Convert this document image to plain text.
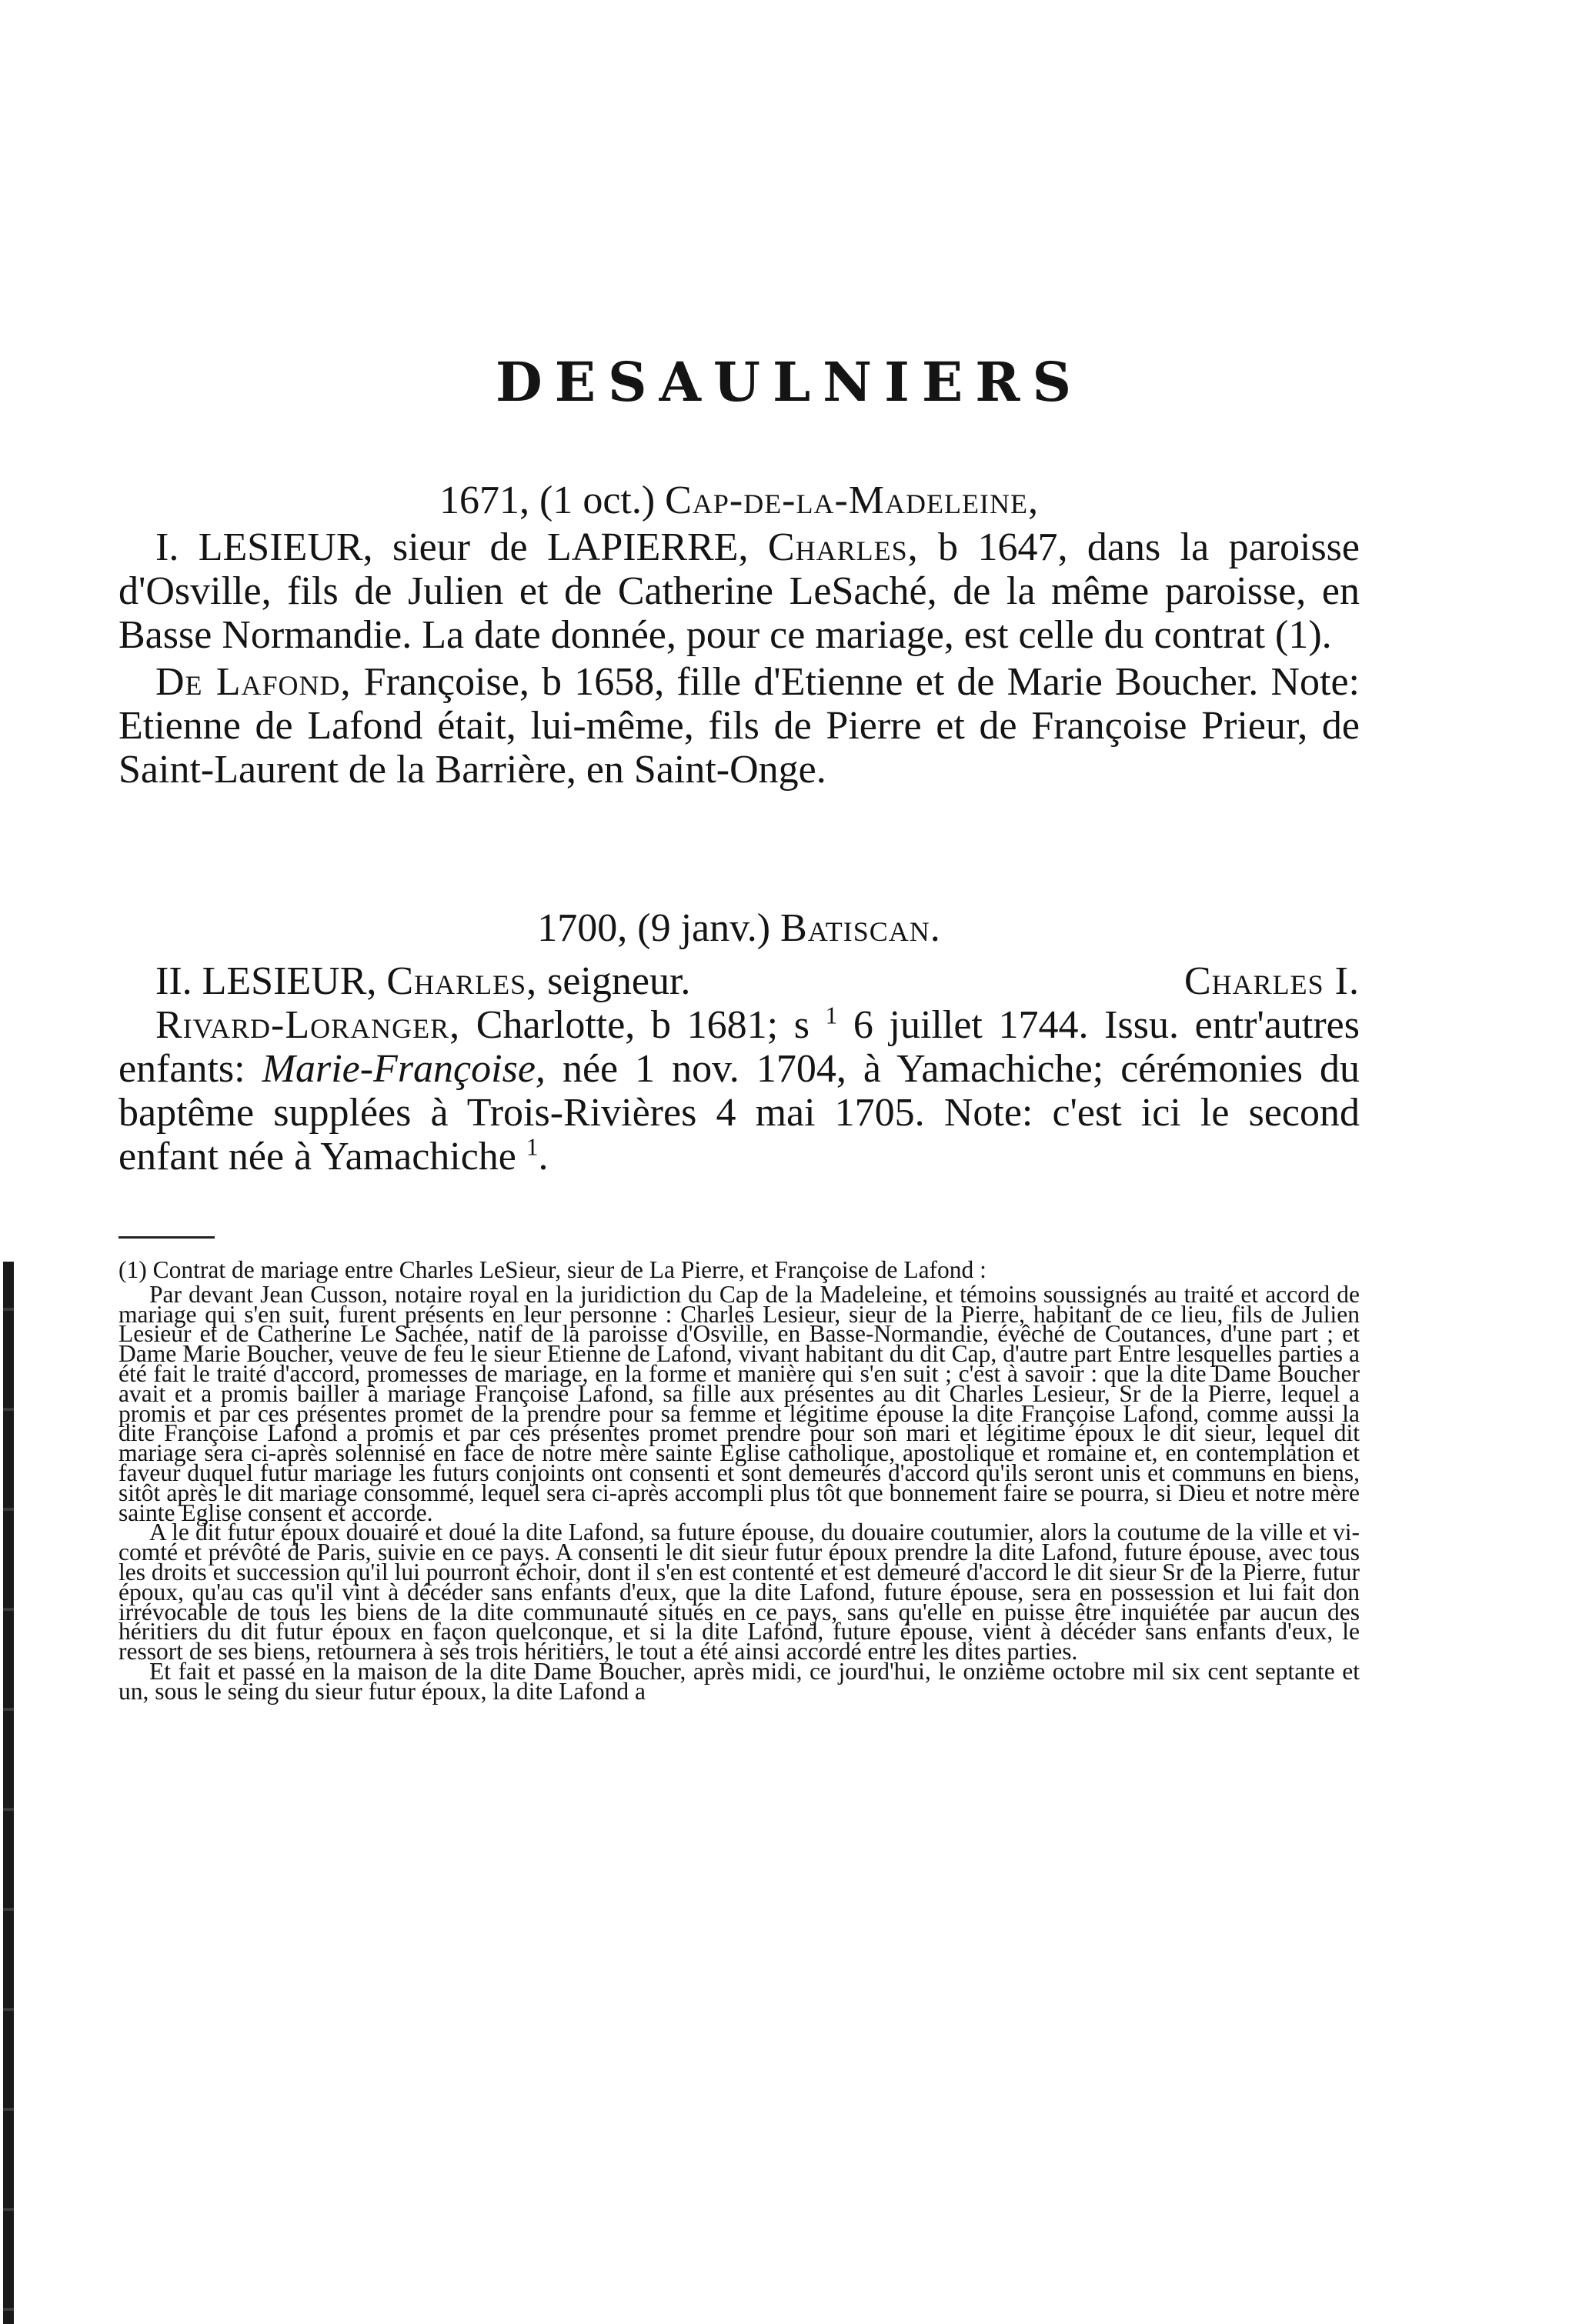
DESAULNIERS
1671, (1 oct.) Cap-de-la-Madeleine,

I. LESIEUR, sieur de LAPIERRE, Charles, b 1647, dans la paroisse d'Osville, fils de Julien et de Catherine LeSaché, de la même paroisse, en Basse Normandie. La date donnée, pour ce mariage, est celle du contrat (1).

De Lafond, Françoise, b 1658, fille d'Etienne et de Marie Boucher. Note: Etienne de Lafond était, lui-même, fils de Pierre et de Françoise Prieur, de Saint-Laurent de la Barrière, en Saint-Onge.

1700, (9 janv.) Batiscan.
II. LESIEUR, Charles, seigneur.	Charles I.

Rivard-Loranger, Charlotte, b 1681; s $^1$ 6 juillet 1744. Issu. entr'autres enfants: Marie-Françoise, née 1 nov. 1704, à Yamachiche; cérémonies du baptême supplées à Trois-Rivières 4 mai 1705. Note: c'est ici le second enfant née à Yamachiche $^1$.

(1) Contrat de mariage entre Charles LeSieur, sieur de La Pierre, et Françoise de Lafond :

Par devant Jean Cusson, notaire royal en la juridiction du Cap de la Madeleine, et témoins soussignés au traité et accord de mariage qui s'en suit, furent présents en leur personne : Charles Lesieur, sieur de la Pierre, habitant de ce lieu, fils de Julien Lesieur et de Catherine Le Sachée, natif de la paroisse d'Osville, en Basse-Normandie, évêché de Coutances, d'une part ; et Dame Marie Boucher, veuve de feu le sieur Etienne de Lafond, vivant habitant du dit Cap, d'autre part Entre lesquelles parties a été fait le traité d'accord, promesses de mariage, en la forme et manière qui s'en suit ; c'est à savoir : que la dite Dame Boucher avait et a promis bailler à mariage Françoise Lafond, sa fille aux présentes au dit Charles Lesieur, Sr de la Pierre, lequel a promis et par ces présentes promet de la prendre pour sa femme et légitime épouse la dite Françoise Lafond, comme aussi la dite Françoise Lafond a promis et par ces présentes promet prendre pour son mari et légitime époux le dit sieur, lequel dit mariage sera ci-après solennisé en face de notre mère sainte Eglise catholique, apostolique et romaine et, en contemplation et faveur duquel futur mariage les futurs conjoints ont consenti et sont demeurés d'accord qu'ils seront unis et communs en biens, sitôt après le dit mariage consommé, lequel sera ci-après accompli plus tôt que bonnement faire se pourra, si Dieu et notre mère sainte Eglise consent et accorde.

A le dit futur époux douairé et doué la dite Lafond, sa future épouse, du douaire coutumier, alors la coutume de la ville et vi-comté et prévôté de Paris, suivie en ce pays. A consenti le dit sieur futur époux prendre la dite Lafond, future épouse, avec tous les droits et succession qu'il lui pourront échoir, dont il s'en est contenté et est demeuré d'accord le dit sieur Sr de la Pierre, futur époux, qu'au cas qu'il vint à décéder sans enfants d'eux, que la dite Lafond, future épouse, sera en possession et lui fait don irrévocable de tous les biens de la dite communauté situés en ce pays, sans qu'elle en puisse être inquiétée par aucun des héritiers du dit futur époux en façon quelconque, et si la dite Lafond, future épouse, vient à décéder sans enfants d'eux, le ressort de ses biens, retournera à ses trois héritiers, le tout a été ainsi accordé entre les dites parties.

Et fait et passé en la maison de la dite Dame Boucher, après midi, ce jourd'hui, le onzième octobre mil six cent septante et un, sous le seing du sieur futur époux, la dite Lafond a
